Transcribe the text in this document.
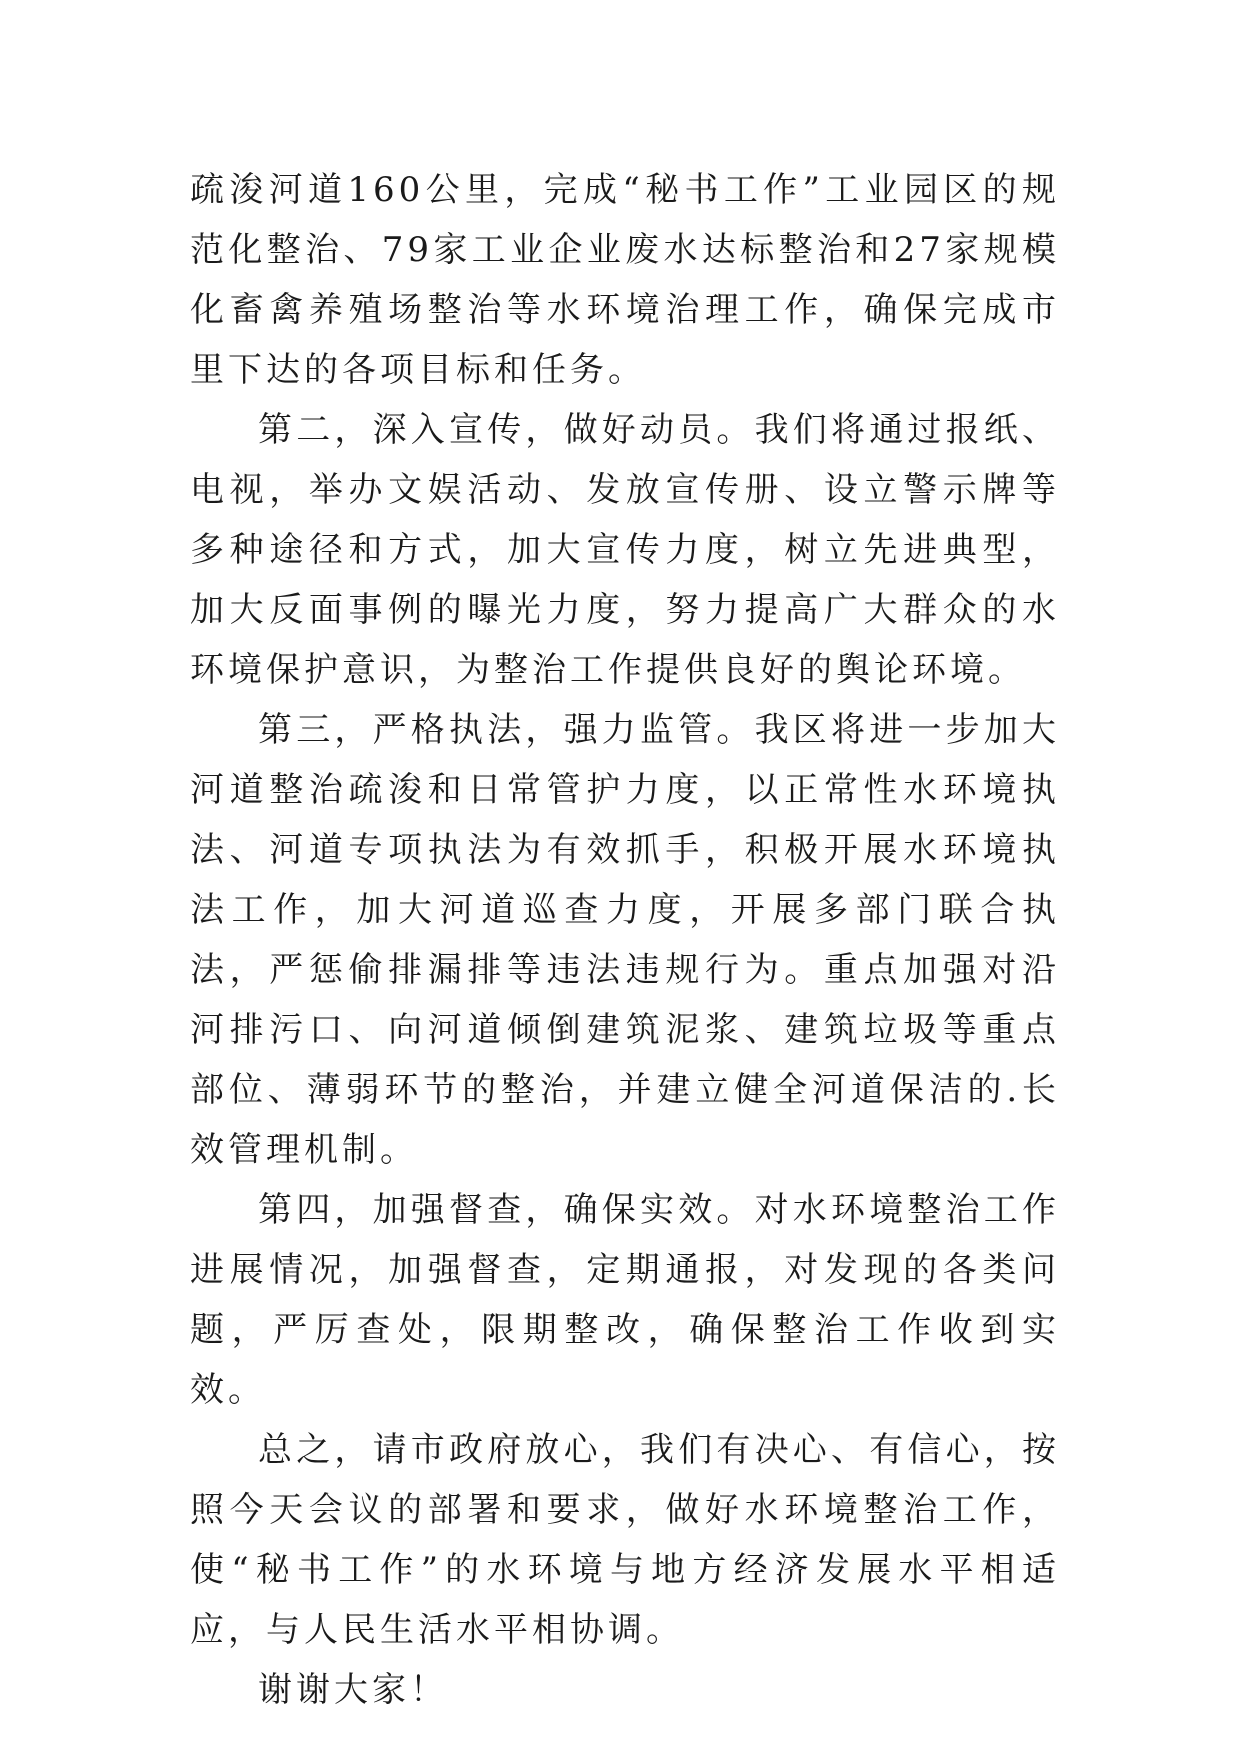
疏浚河道160公里，完成“秘书工作”工业园区的规范化整治、79家工业企业废水达标整治和27家规模化畜禽养殖场整治等水环境治理工作，确保完成市里下达的各项目标和任务。

第二，深入宣传，做好动员。我们将通过报纸、电视，举办文娱活动、发放宣传册、设立警示牌等多种途径和方式，加大宣传力度，树立先进典型，加大反面事例的曝光力度，努力提高广大群众的水环境保护意识，为整治工作提供良好的舆论环境。

第三，严格执法，强力监管。我区将进一步加大河道整治疏浚和日常管护力度，以正常性水环境执法、河道专项执法为有效抓手，积极开展水环境执法工作，加大河道巡查力度，开展多部门联合执法，严惩偷排漏排等违法违规行为。重点加强对沿河排污口、向河道倾倒建筑泥浆、建筑垃圾等重点部位、薄弱环节的整治，并建立健全河道保洁的.长效管理机制。

第四，加强督查，确保实效。对水环境整治工作进展情况，加强督查，定期通报，对发现的各类问题，严厉查处，限期整改，确保整治工作收到实效。

总之，请市政府放心，我们有决心、有信心，按照今天会议的部署和要求，做好水环境整治工作，使“秘书工作”的水环境与地方经济发展水平相适应，与人民生活水平相协调。

谢谢大家！
